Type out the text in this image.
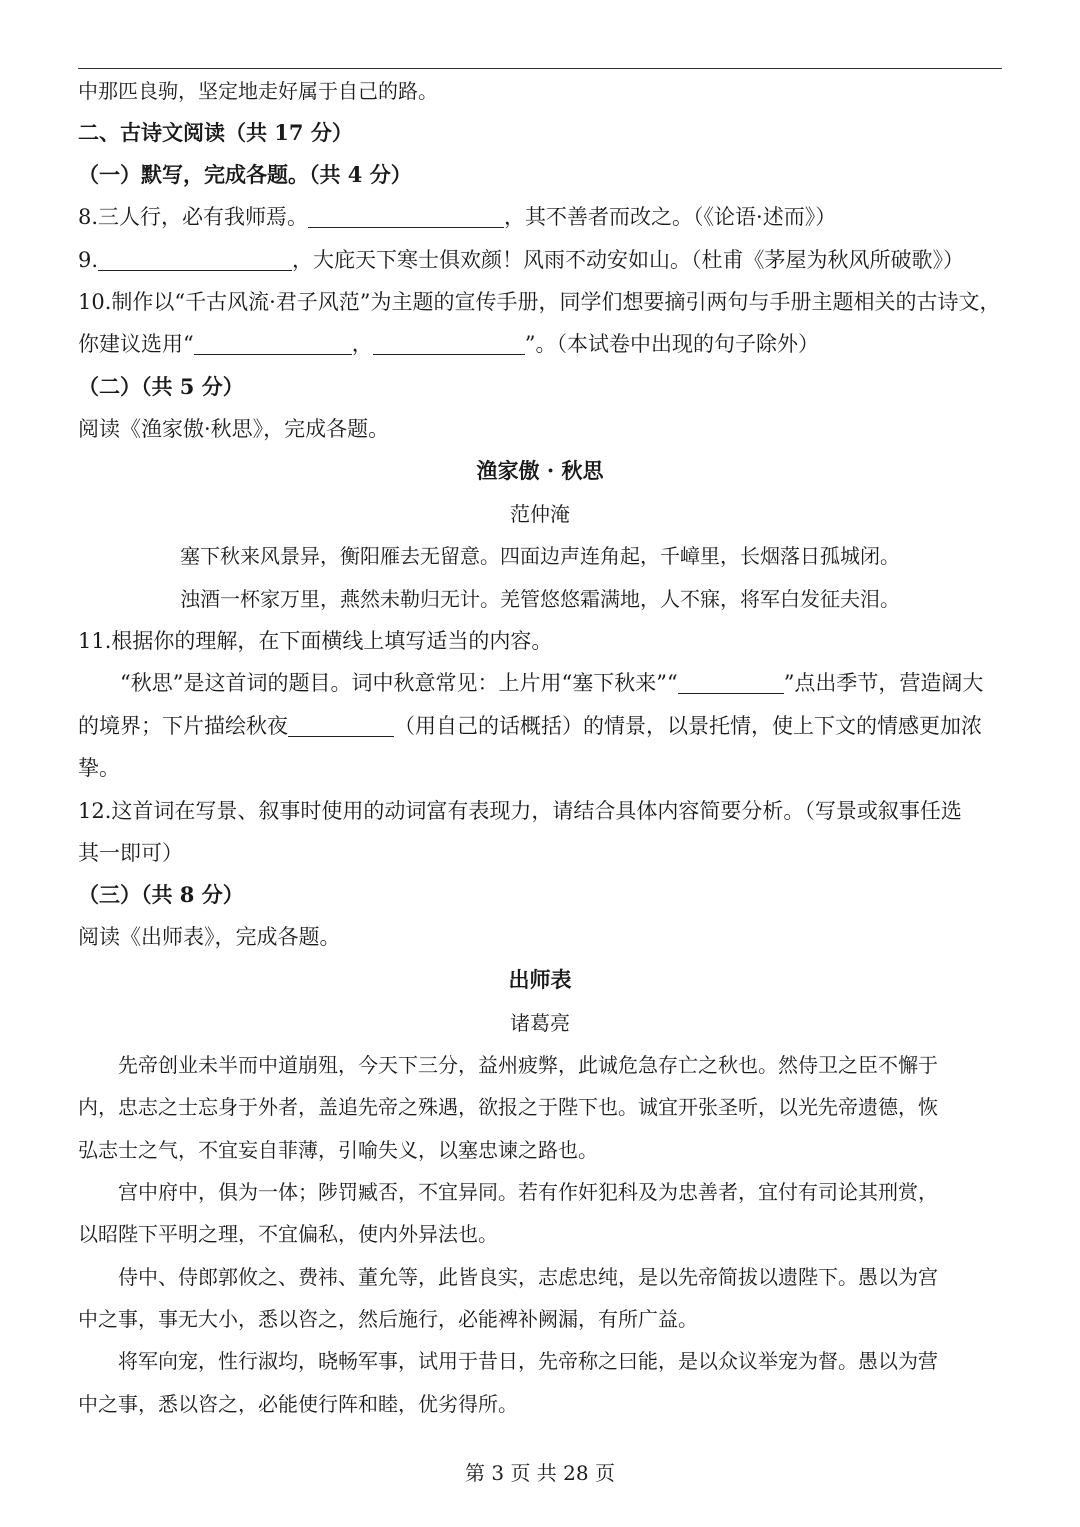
中那匹良驹，坚定地走好属于自己的路。
二、古诗文阅读（共 17 分）
（一）默写，完成各题。（共 4 分）
8.三人行，必有我师焉。	，其不善者而改之。（《论语·述而》）
9.	，大庇天下寒士俱欢颜！风雨不动安如山。（杜甫《茅屋为秋风所破歌》）
10.制作以“千古风流·君子风范”为主题的宣传手册，同学们想要摘引两句与手册主题相关的古诗文，
你建议选用“	，	”。（本试卷中出现的句子除外）
（二）（共 5 分）
阅读《渔家傲·秋思》，完成各题。
渔家傲 · 秋思
范仲淹
塞下秋来风景异，衡阳雁去无留意。四面边声连角起，千嶂里，长烟落日孤城闭。
浊酒一杯家万里，燕然未勒归无计。羌管悠悠霜满地，人不寐，将军白发征夫泪。
11.根据你的理解，在下面横线上填写适当的内容。
“秋思”是这首词的题目。词中秋意常见：上片用“塞下秋来”“	”点出季节，营造阔大
的境界；下片描绘秋夜	（用自己的话概括）的情景，以景托情，使上下文的情感更加浓
挚。
12.这首词在写景、叙事时使用的动词富有表现力，请结合具体内容简要分析。（写景或叙事任选
其一即可）
（三）（共 8 分）
阅读《出师表》，完成各题。
出师表
诸葛亮
先帝创业未半而中道崩殂，今天下三分，益州疲弊，此诚危急存亡之秋也。然侍卫之臣不懈于
内，忠志之士忘身于外者，盖追先帝之殊遇，欲报之于陛下也。诚宜开张圣听，以光先帝遗德，恢
弘志士之气，不宜妄自菲薄，引喻失义，以塞忠谏之路也。
宫中府中，俱为一体；陟罚臧否，不宜异同。若有作奸犯科及为忠善者，宜付有司论其刑赏，
以昭陛下平明之理，不宜偏私，使内外异法也。
侍中、侍郎郭攸之、费祎、董允等，此皆良实，志虑忠纯，是以先帝简拔以遗陛下。愚以为宫
中之事，事无大小，悉以咨之，然后施行，必能裨补阙漏，有所广益。
将军向宠，性行淑均，晓畅军事，试用于昔日，先帝称之曰能，是以众议举宠为督。愚以为营
中之事，悉以咨之，必能使行阵和睦，优劣得所。
第 3 页 共 28 页
